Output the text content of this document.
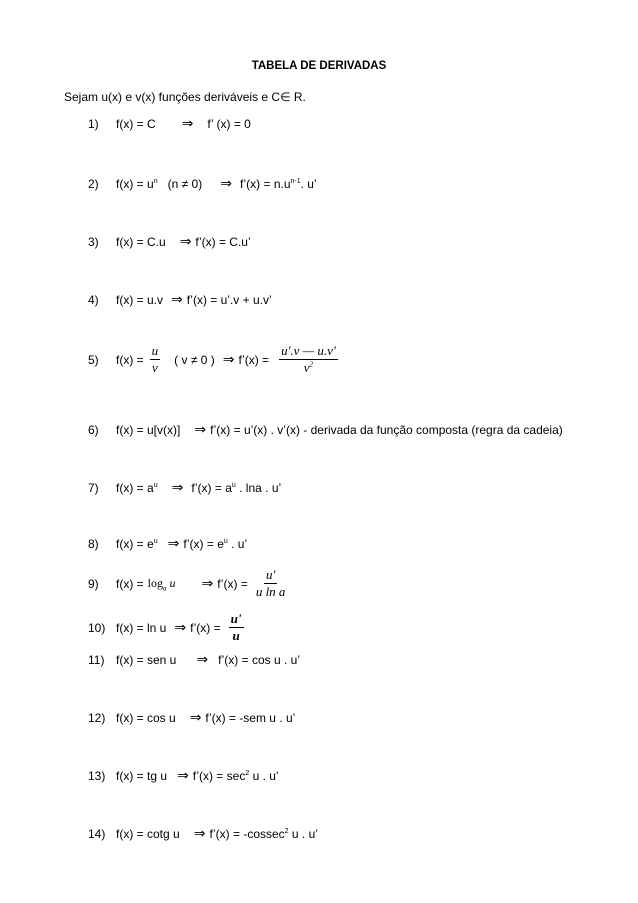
TABELA DE DERIVADAS
Sejam u(x) e v(x) funções deriváveis e C∈ R.
1)	f(x) = C ⇒ f’ (x) = 0
2)	$f(x) = u^n$ (n ≠ 0) ⇒ f’(x) = $n.u^{n-1}$. u’
3)	f(x) = C.u ⇒ f’(x) = C.u’
4)	f(x) = u.v ⇒ f’(x) = u’.v + u.v’
5)	$f(x) = \frac{u}{v}$ ( v ≠ 0 ) ⇒ f’(x) = $\frac{u'.v — u.v'}{v^2}$
6)	f(x) = u[v(x)] ⇒ f’(x) = u’(x) . v’(x) - derivada da função composta (regra da cadeia)
7)	$f(x) = a^u$ ⇒ f’(x) = $a^u$ . lna . u’
8)	$f(x) = e^u$ ⇒ f’(x) = $e^u$ . u’
9)	$f(x) = \log_a u$ ⇒ f’(x) = $\frac{u'}{\text{u ln a}}$
10) f(x) = ln u ⇒ f’(x) = $\frac{u'}{u}$
11) f(x) = sen u ⇒ f’(x) = cos u . u’
12) f(x) = cos u ⇒ f’(x) = -sem u . u’
13) f(x) = tg u ⇒ f’(x) = $\sec^2 u$ . u’
14) f(x) = cotg u ⇒ f’(x) = -cossec$^2$ u . u’
